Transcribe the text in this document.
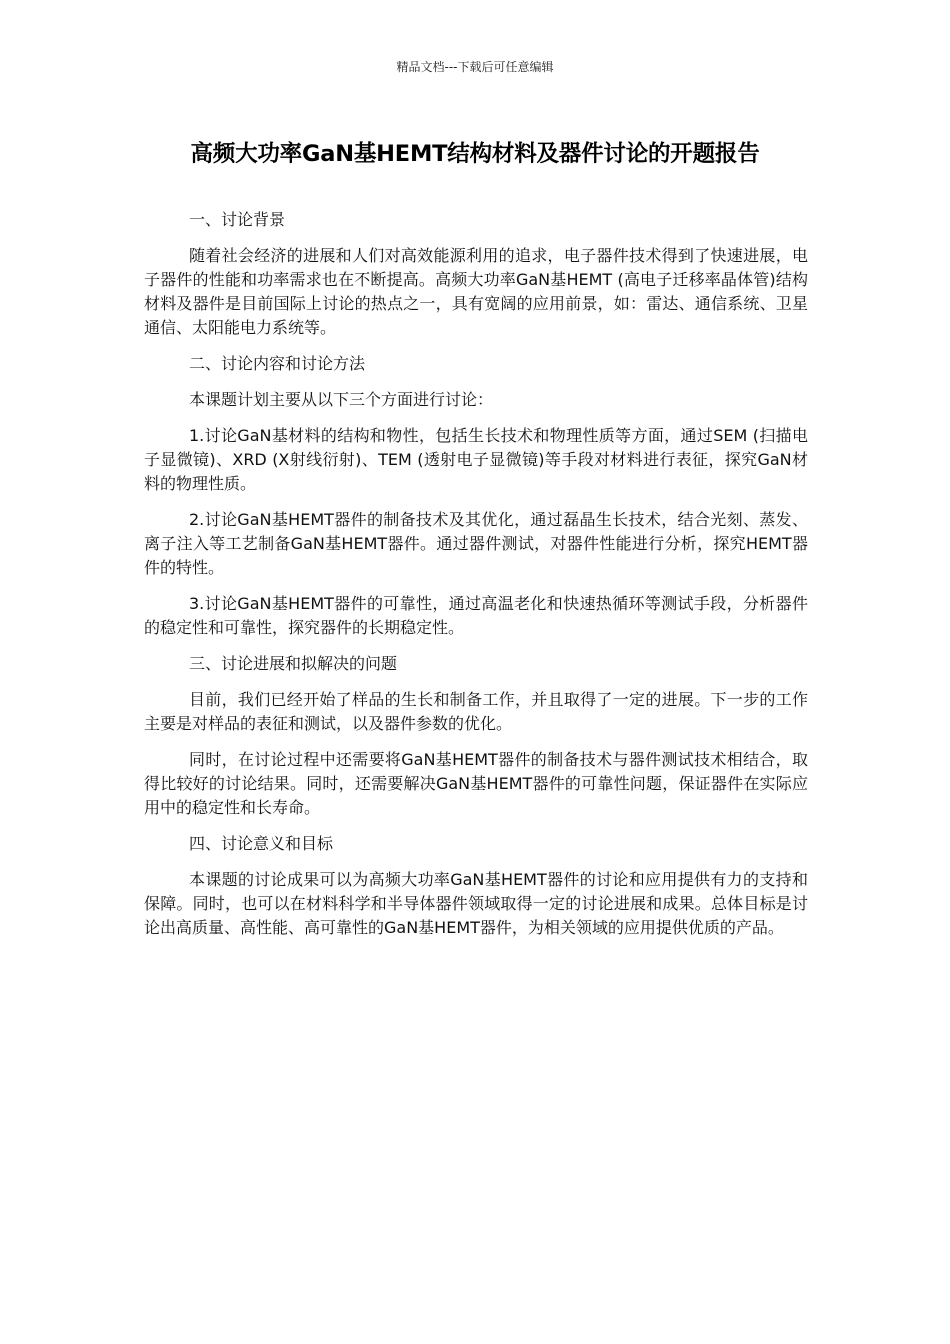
精品文档---下载后可任意编辑
高频大功率GaN基HEMT结构材料及器件讨论的开题报告

一、讨论背景

随着社会经济的进展和人们对高效能源利用的追求，电子器件技术得到了快速进展，电子器件的性能和功率需求也在不断提高。高频大功率GaN基HEMT (高电子迁移率晶体管)结构材料及器件是目前国际上讨论的热点之一，具有宽阔的应用前景，如：雷达、通信系统、卫星通信、太阳能电力系统等。

二、讨论内容和讨论方法

本课题计划主要从以下三个方面进行讨论：

1.讨论GaN基材料的结构和物性，包括生长技术和物理性质等方面，通过SEM (扫描电子显微镜)、XRD (X射线衍射)、TEM (透射电子显微镜)等手段对材料进行表征，探究GaN材料的物理性质。

2.讨论GaN基HEMT器件的制备技术及其优化，通过磊晶生长技术，结合光刻、蒸发、离子注入等工艺制备GaN基HEMT器件。通过器件测试，对器件性能进行分析，探究HEMT器件的特性。

3.讨论GaN基HEMT器件的可靠性，通过高温老化和快速热循环等测试手段，分析器件的稳定性和可靠性，探究器件的长期稳定性。

三、讨论进展和拟解决的问题

目前，我们已经开始了样品的生长和制备工作，并且取得了一定的进展。下一步的工作主要是对样品的表征和测试，以及器件参数的优化。

同时，在讨论过程中还需要将GaN基HEMT器件的制备技术与器件测试技术相结合，取得比较好的讨论结果。同时，还需要解决GaN基HEMT器件的可靠性问题，保证器件在实际应用中的稳定性和长寿命。

四、讨论意义和目标

本课题的讨论成果可以为高频大功率GaN基HEMT器件的讨论和应用提供有力的支持和保障。同时，也可以在材料科学和半导体器件领域取得一定的讨论进展和成果。总体目标是讨论出高质量、高性能、高可靠性的GaN基HEMT器件，为相关领域的应用提供优质的产品。
